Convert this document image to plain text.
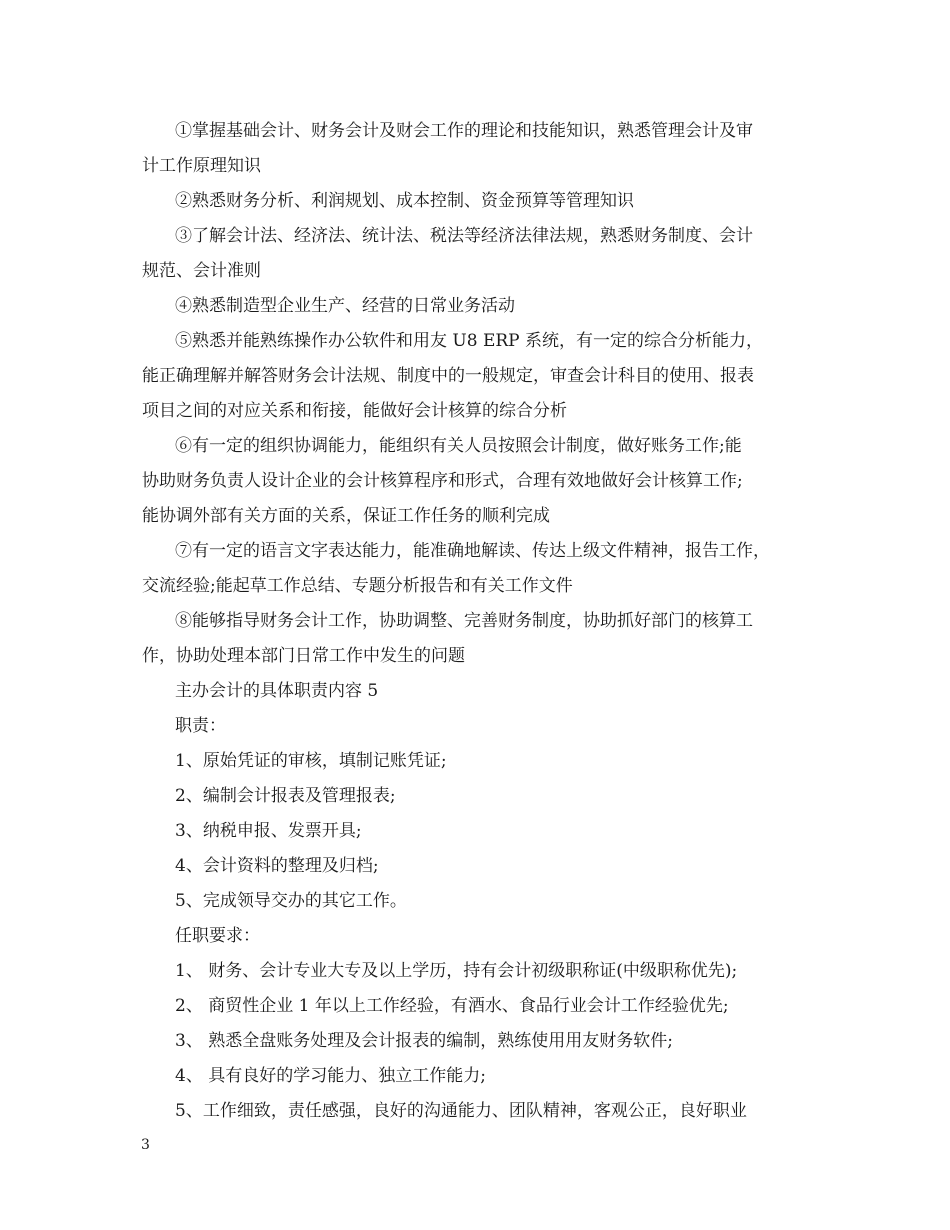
①掌握基础会计、财务会计及财会工作的理论和技能知识，熟悉管理会计及审
计工作原理知识
②熟悉财务分析、利润规划、成本控制、资金预算等管理知识
③了解会计法、经济法、统计法、税法等经济法律法规，熟悉财务制度、会计
规范、会计准则
④熟悉制造型企业生产、经营的日常业务活动
⑤熟悉并能熟练操作办公软件和用友 U8 ERP 系统，有一定的综合分析能力，
能正确理解并解答财务会计法规、制度中的一般规定，审查会计科目的使用、报表
项目之间的对应关系和衔接，能做好会计核算的综合分析
⑥有一定的组织协调能力，能组织有关人员按照会计制度，做好账务工作;能
协助财务负责人设计企业的会计核算程序和形式，合理有效地做好会计核算工作;
能协调外部有关方面的关系，保证工作任务的顺利完成
⑦有一定的语言文字表达能力，能准确地解读、传达上级文件精神，报告工作，
交流经验;能起草工作总结、专题分析报告和有关工作文件
⑧能够指导财务会计工作，协助调整、完善财务制度，协助抓好部门的核算工
作，协助处理本部门日常工作中发生的问题
主办会计的具体职责内容 5
职责：
1、原始凭证的审核，填制记账凭证;
2、编制会计报表及管理报表;
3、纳税申报、发票开具;
4、会计资料的整理及归档;
5、完成领导交办的其它工作。
任职要求：
1、 财务、会计专业大专及以上学历，持有会计初级职称证(中级职称优先);
2、 商贸性企业 1 年以上工作经验，有酒水、食品行业会计工作经验优先;
3、 熟悉全盘账务处理及会计报表的编制，熟练使用用友财务软件;
4、 具有良好的学习能力、独立工作能力;
5、工作细致，责任感强，良好的沟通能力、团队精神，客观公正，良好职业
3
